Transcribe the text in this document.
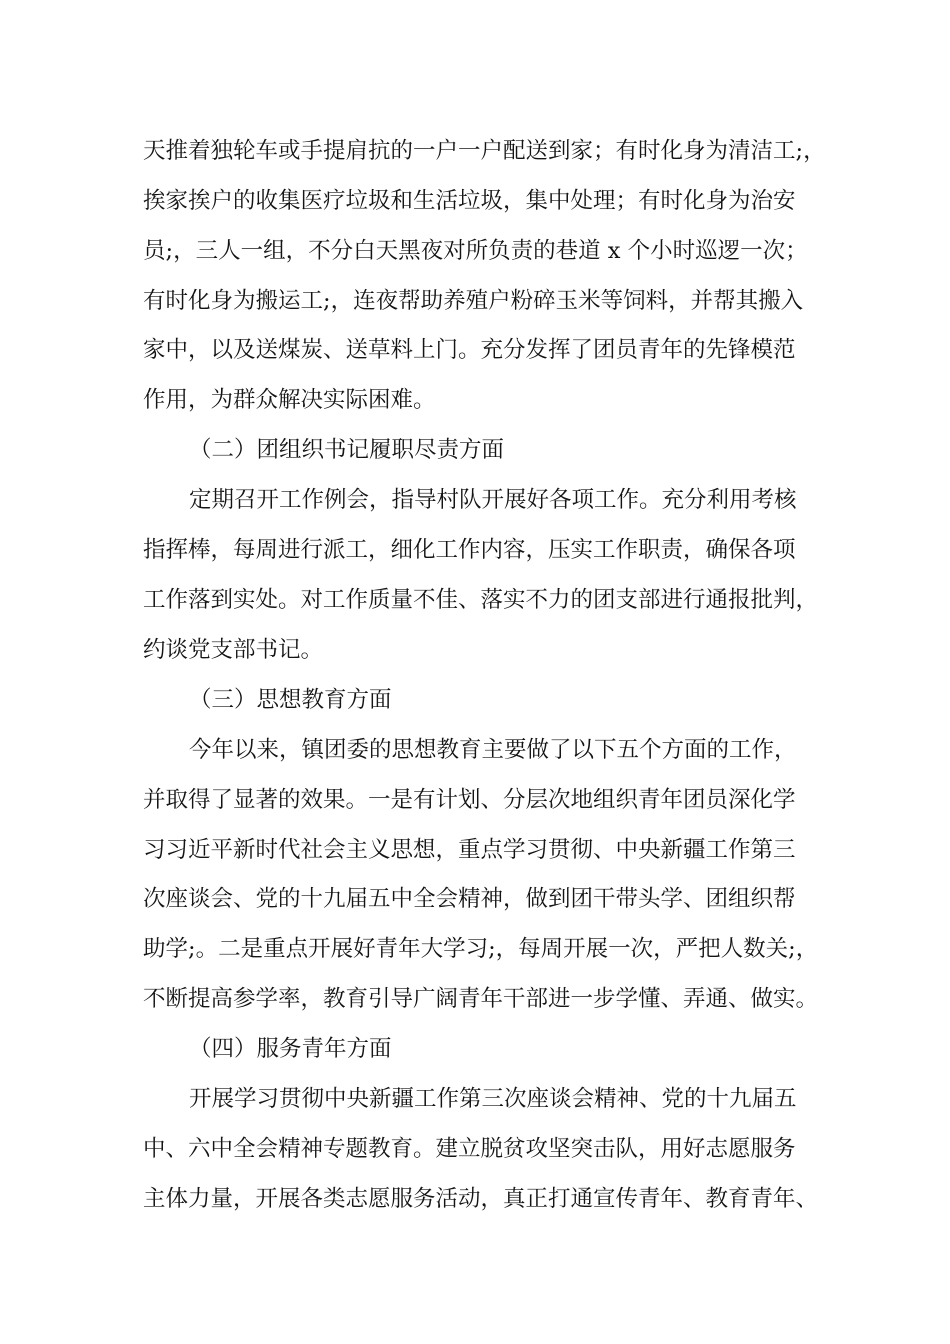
天推着独轮车或手提肩抗的一户一户配送到家；有时化身为清洁工;，
挨家挨户的收集医疗垃圾和生活垃圾，集中处理；有时化身为治安
员;，三人一组，不分白天黑夜对所负责的巷道 x 个小时巡逻一次；
有时化身为搬运工;，连夜帮助养殖户粉碎玉米等饲料，并帮其搬入
家中，以及送煤炭、送草料上门。充分发挥了团员青年的先锋模范
作用，为群众解决实际困难。
（二）团组织书记履职尽责方面
定期召开工作例会，指导村队开展好各项工作。充分利用考核
指挥棒，每周进行派工，细化工作内容，压实工作职责，确保各项
工作落到实处。对工作质量不佳、落实不力的团支部进行通报批判，
约谈党支部书记。
（三）思想教育方面
今年以来，镇团委的思想教育主要做了以下五个方面的工作，
并取得了显著的效果。一是有计划、分层次地组织青年团员深化学
习习近平新时代社会主义思想，重点学习贯彻、中央新疆工作第三
次座谈会、党的十九届五中全会精神，做到团干带头学、团组织帮
助学;。二是重点开展好青年大学习;，每周开展一次，严把人数关;，
不断提高参学率，教育引导广阔青年干部进一步学懂、弄通、做实。
（四）服务青年方面
开展学习贯彻中央新疆工作第三次座谈会精神、党的十九届五
中、六中全会精神专题教育。建立脱贫攻坚突击队，用好志愿服务
主体力量，开展各类志愿服务活动，真正打通宣传青年、教育青年、
